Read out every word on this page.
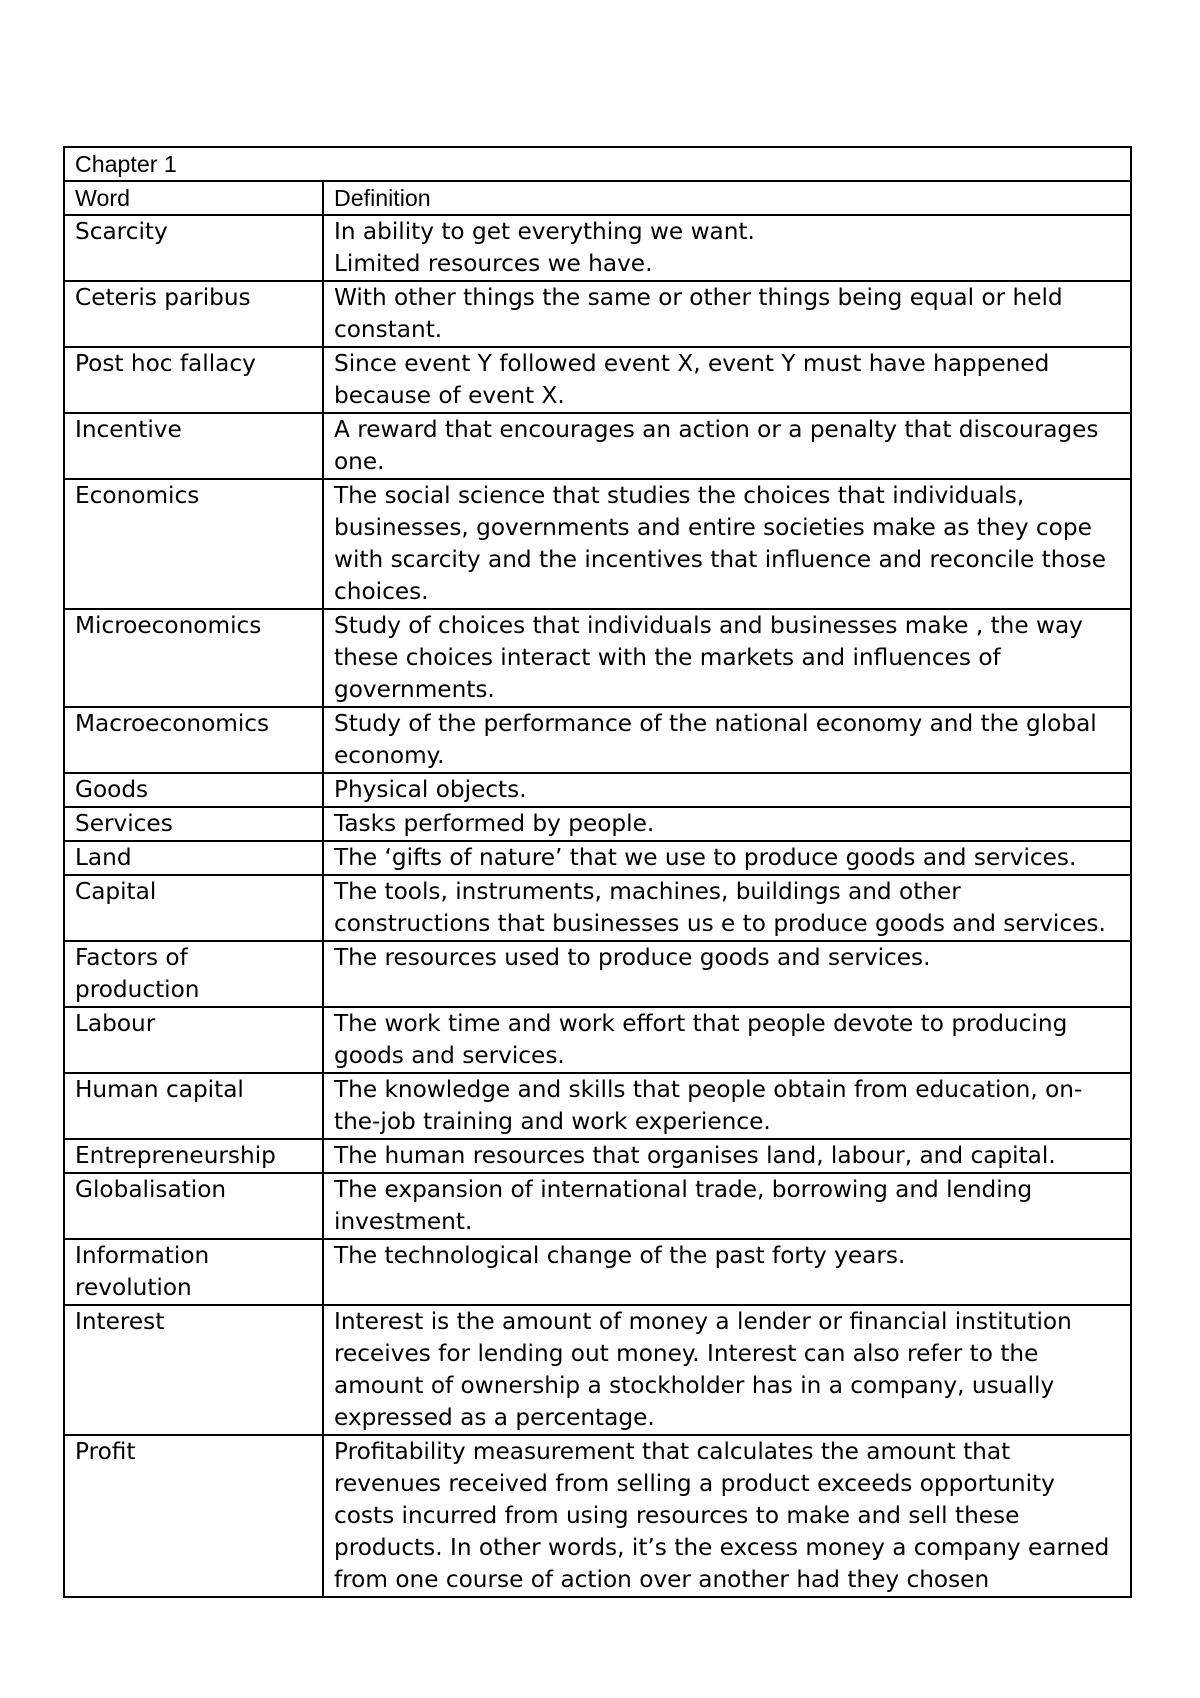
Chapter 1	
Word	Definition
Scarcity	In ability to get everything we want.
Limited resources we have.

Ceteris paribus	With other things the same or other things being equal or held constant.

Post hoc fallacy	Since event Y followed event X, event Y must have happened because of event X.

Incentive	A reward that encourages an action or a penalty that discourages one.

Economics	The social science that studies the choices that individuals, businesses, governments and entire societies make as they cope with scarcity and the incentives that influence and reconcile those choices.

Microeconomics	Study of choices that individuals and businesses make , the way these choices interact with the markets and influences of governments.

Macroeconomics	Study of the performance of the national economy and the global economy.

Goods	Physical objects.

Services	Tasks performed by people.

Land	The ‘gifts of nature’ that we use to produce goods and services.

Capital	The tools, instruments, machines, buildings and other constructions that businesses us e to produce goods and services.

Factors of production	The resources used to produce goods and services.

Labour	The work time and work effort that people devote to producing goods and services.

Human capital	The knowledge and skills that people obtain from education, on-the-job training and work experience.

Entrepreneurship	The human resources that organises land, labour, and capital.

Globalisation	The expansion of international trade, borrowing and lending investment.

Information revolution	The technological change of the past forty years.

Interest	Interest is the amount of money a lender or financial institution receives for lending out money. Interest can also refer to the amount of ownership a stockholder has in a company, usually expressed as a percentage.

Profit	Profitability measurement that calculates the amount that revenues received from selling a product exceeds opportunity costs incurred from using resources to make and sell these products. In other words, it’s the excess money a company earned from one course of action over another had they chosen
